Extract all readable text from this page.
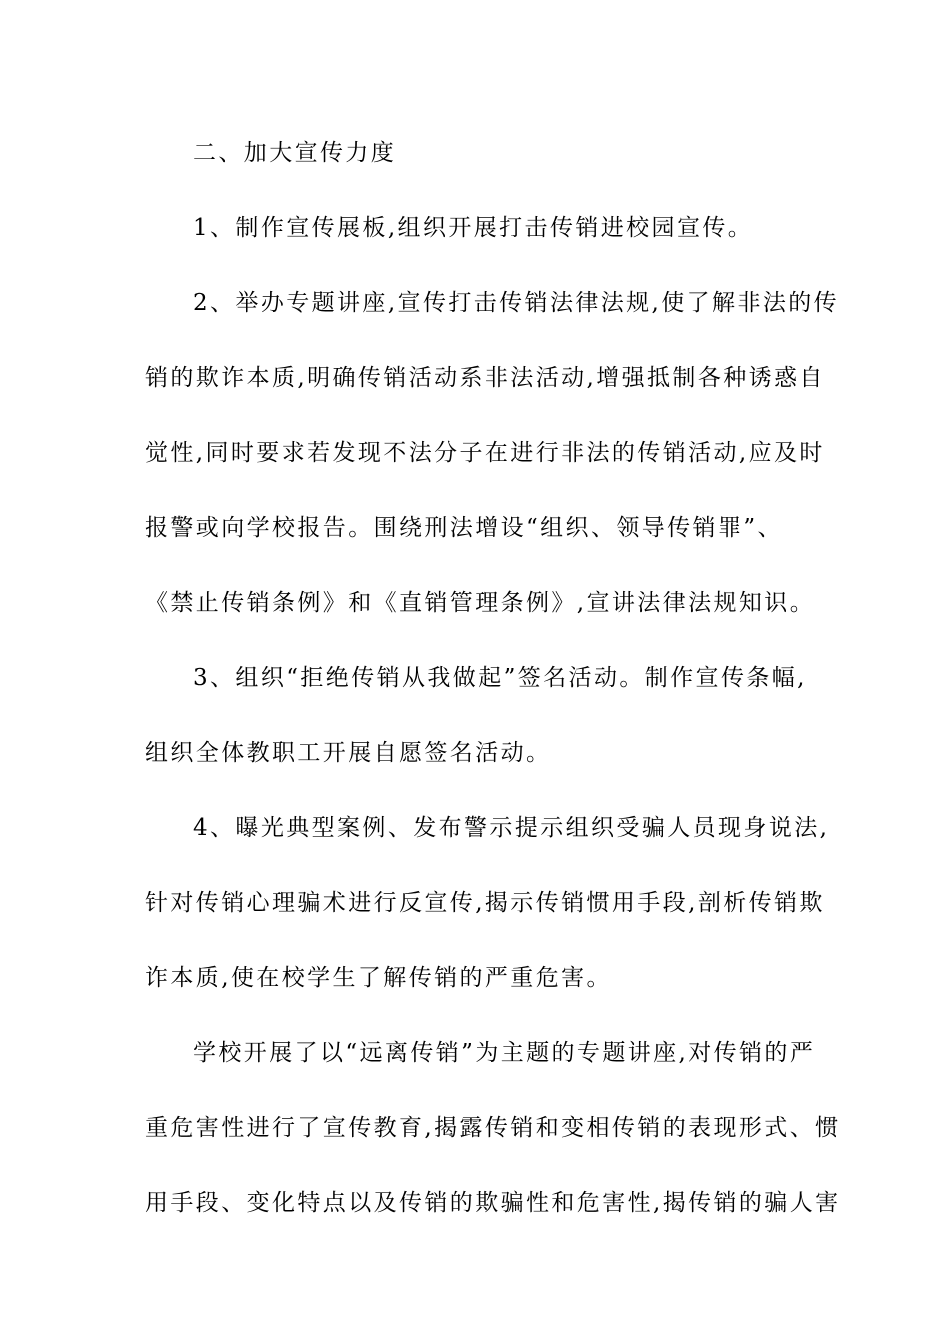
二、加大宣传力度
1、制作宣传展板,组织开展打击传销进校园宣传。
2、举办专题讲座,宣传打击传销法律法规,使了解非法的传
销的欺诈本质,明确传销活动系非法活动,增强抵制各种诱惑自
觉性,同时要求若发现不法分子在进行非法的传销活动,应及时
报警或向学校报告。围绕刑法增设“组织、领导传销罪”、
《禁止传销条例》和《直销管理条例》,宣讲法律法规知识。
3、组织“拒绝传销从我做起”签名活动。制作宣传条幅,
组织全体教职工开展自愿签名活动。
4、曝光典型案例、发布警示提示组织受骗人员现身说法,
针对传销心理骗术进行反宣传,揭示传销惯用手段,剖析传销欺
诈本质,使在校学生了解传销的严重危害。
学校开展了以“远离传销”为主题的专题讲座,对传销的严
重危害性进行了宣传教育,揭露传销和变相传销的表现形式、惯
用手段、变化特点以及传销的欺骗性和危害性,揭传销的骗人害
